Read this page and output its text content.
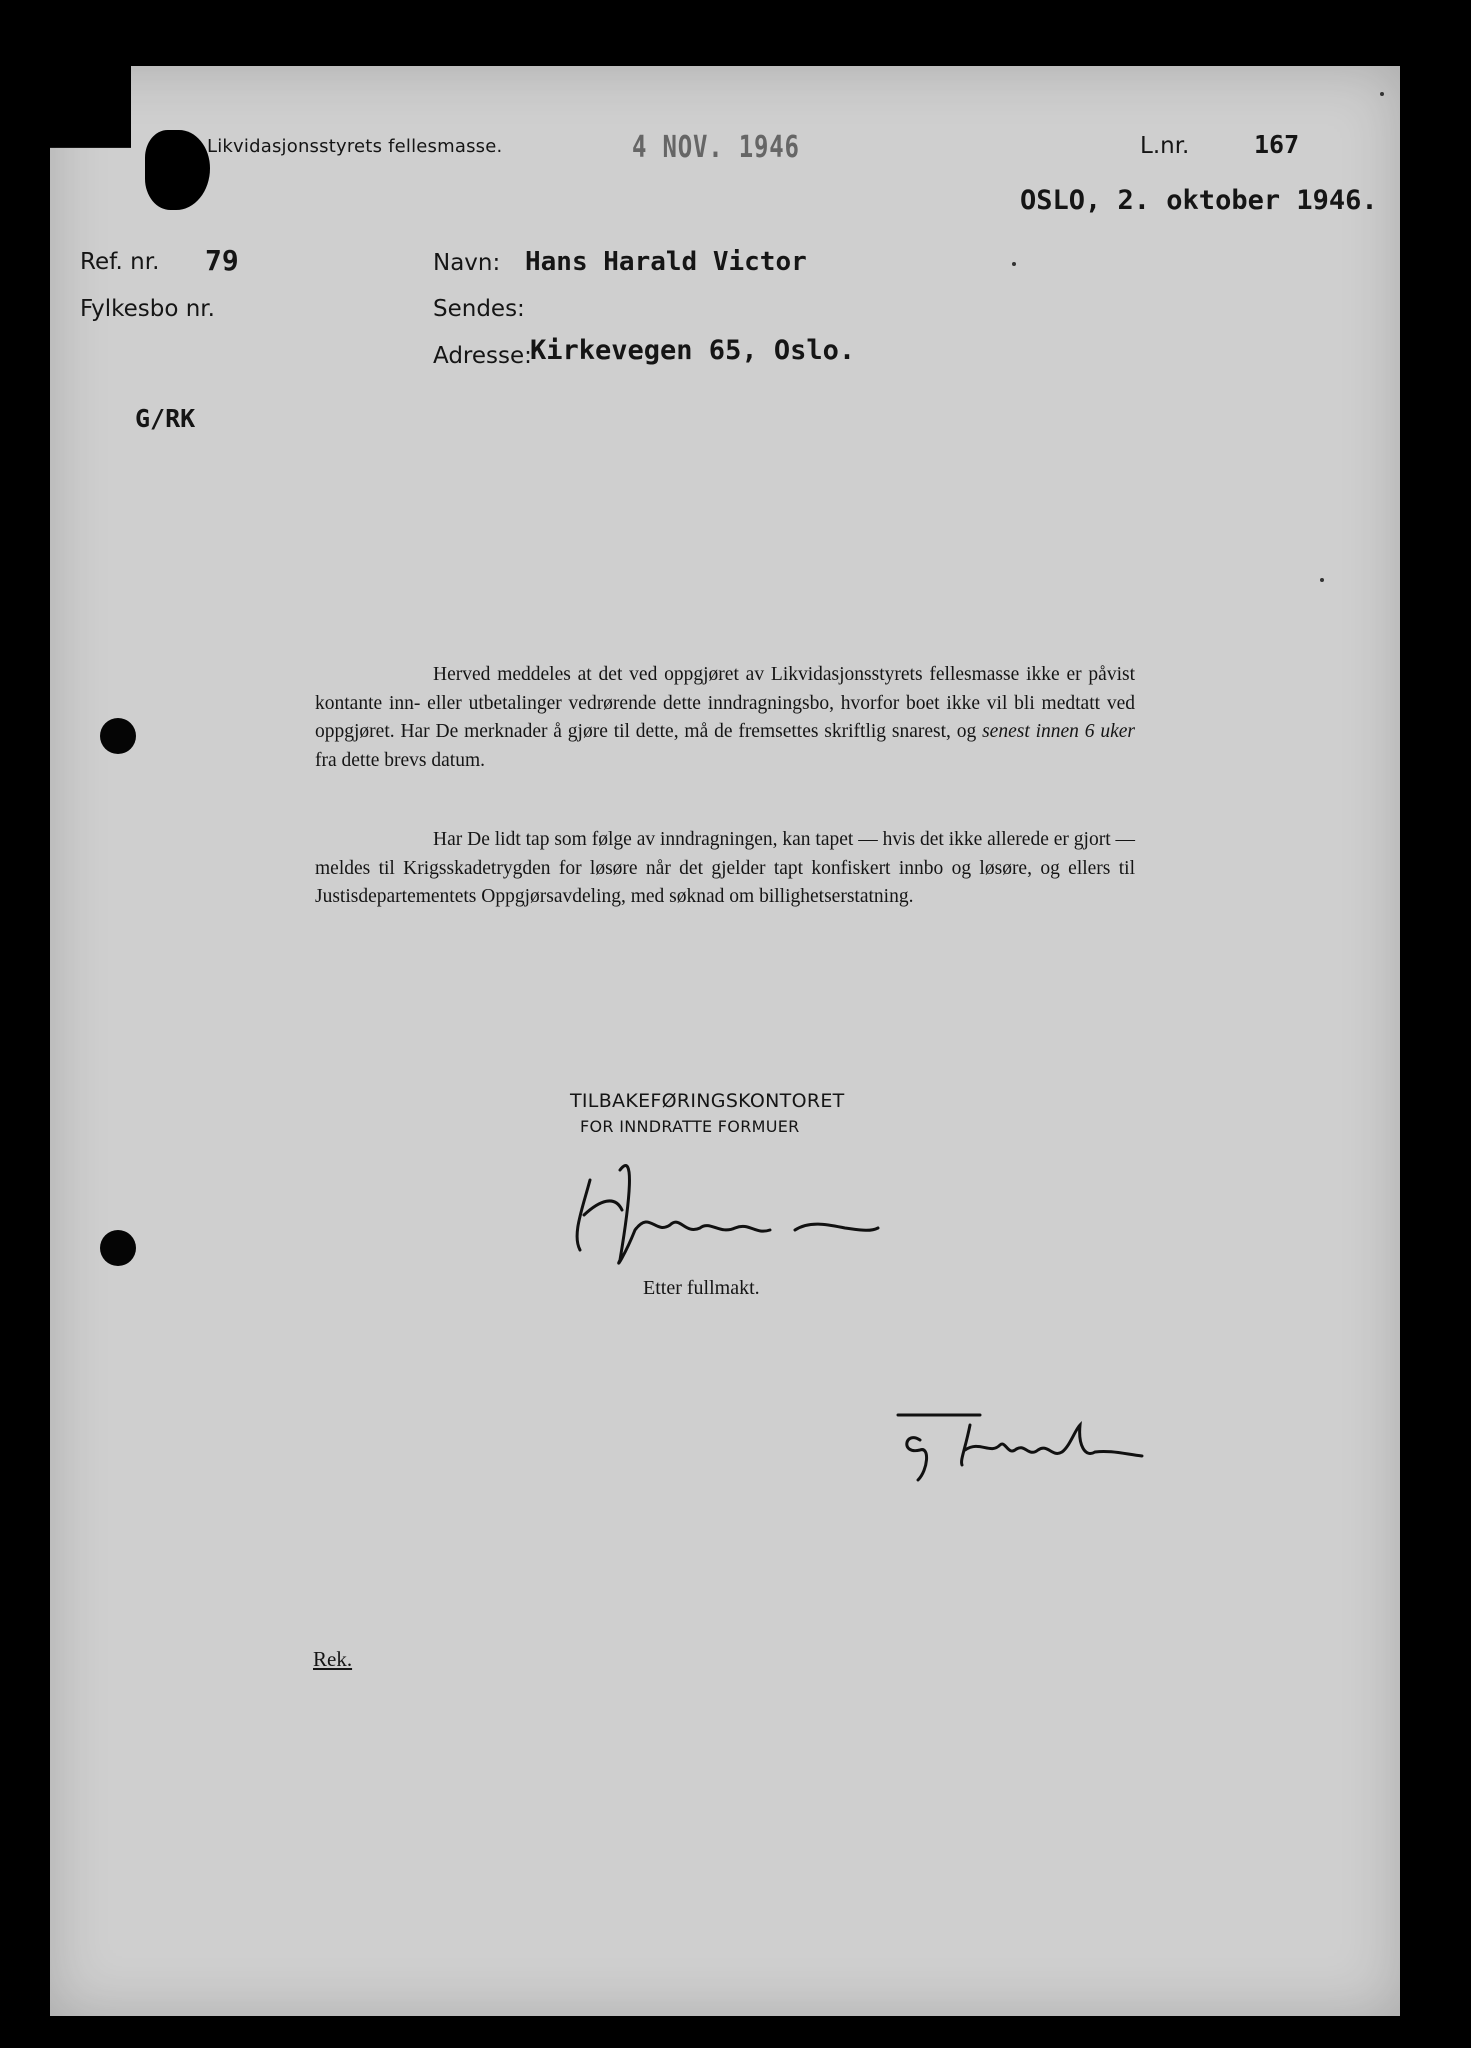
Likvidasjonsstyrets fellesmasse.	4 NOV. 1946	L.nr.	167
OSLO, 2. oktober 1946.
Ref. nr. 79
Fylkesbo nr.
Navn: Hans Harald Victor
Sendes:
Adresse:
Kirkevegen 65, Oslo.
G/RK

Herved meddeles at det ved oppgjøret av Likvidasjonsstyrets fellesmasse ikke er påvist kontante inn- eller utbetalinger vedrørende dette inndragningsbo, hvorfor boet ikke vil bli medtatt ved oppgjøret. Har De merknader å gjøre til dette, må de fremsettes skriftlig snarest, og senest innen 6 uker fra dette brevs datum.

Har De lidt tap som følge av inndragningen, kan tapet — hvis det ikke allerede er gjort — meldes til Krigsskadetrygden for løsøre når det gjelder tapt konfiskert innbo og løsøre, og ellers til Justisdepartementets Oppgjørsavdeling, med søknad om billighetserstatning.

TILBAKEFØRINGSKONTORET
FOR INNDRATTE FORMUER
Etter fullmakt.
Rek.
